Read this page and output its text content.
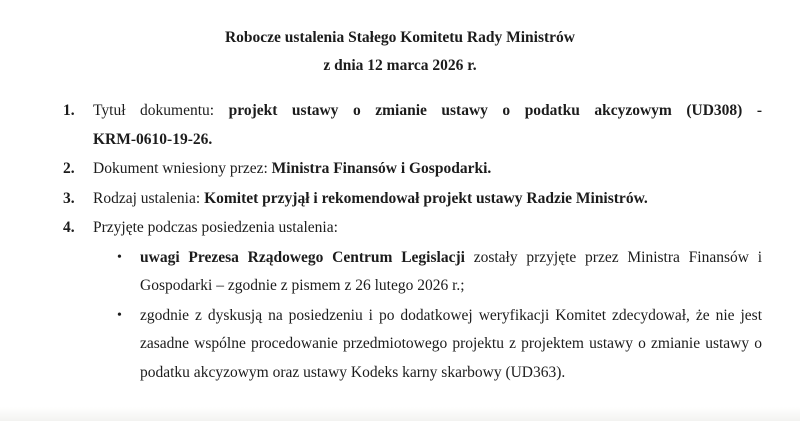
Robocze ustalenia Stałego Komitetu Rady Ministrów
z dnia 12 marca 2026 r.
1.	Tytuł dokumentu: projekt ustawy o zmianie ustawy o podatku akcyzowym (UD308) -
KRM-0610-19-26.
2.	Dokument wniesiony przez: Ministra Finansów i Gospodarki.
3.	Rodzaj ustalenia: Komitet przyjął i rekomendował projekt ustawy Radzie Ministrów.
4.	Przyjęte podczas posiedzenia ustalenia:
•	uwagi Prezesa Rządowego Centrum Legislacji zostały przyjęte przez Ministra Finansów i Gospodarki – zgodnie z pismem z 26 lutego 2026 r.;
•	zgodnie z dyskusją na posiedzeniu i po dodatkowej weryfikacji Komitet zdecydował, że nie jest zasadne wspólne procedowanie przedmiotowego projektu z projektem ustawy o zmianie ustawy o podatku akcyzowym oraz ustawy Kodeks karny skarbowy (UD363).
